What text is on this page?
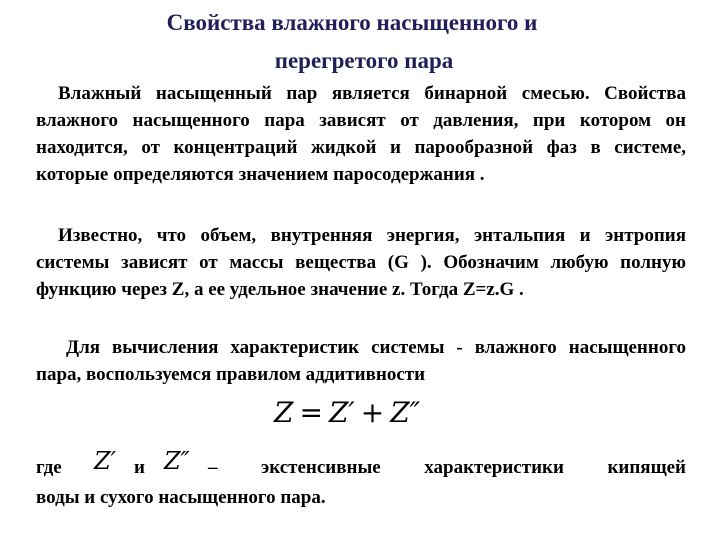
Свойства влажного насыщенного и
перегретого пара

Влажный насыщенный пар является бинарной смесью. Свойства влажного насыщенного пара зависят от давления, при котором он находится, от концентраций жидкой и парообразной фаз в системе, которые определяются значением паросодержания .

Известно, что объем, внутренняя энергия, энтальпия и энтропия системы зависят от массы вещества (G ). Обозначим любую полную функцию через Z, а ее удельное значение z. Тогда Z=z.G .

Для вычисления характеристик системы - влажного насыщенного пара, воспользуемся правилом аддитивности

Z = Z′ + Z″
где Z′ и Z″ – экстенсивные характеристики кипящей
воды и сухого насыщенного пара.
